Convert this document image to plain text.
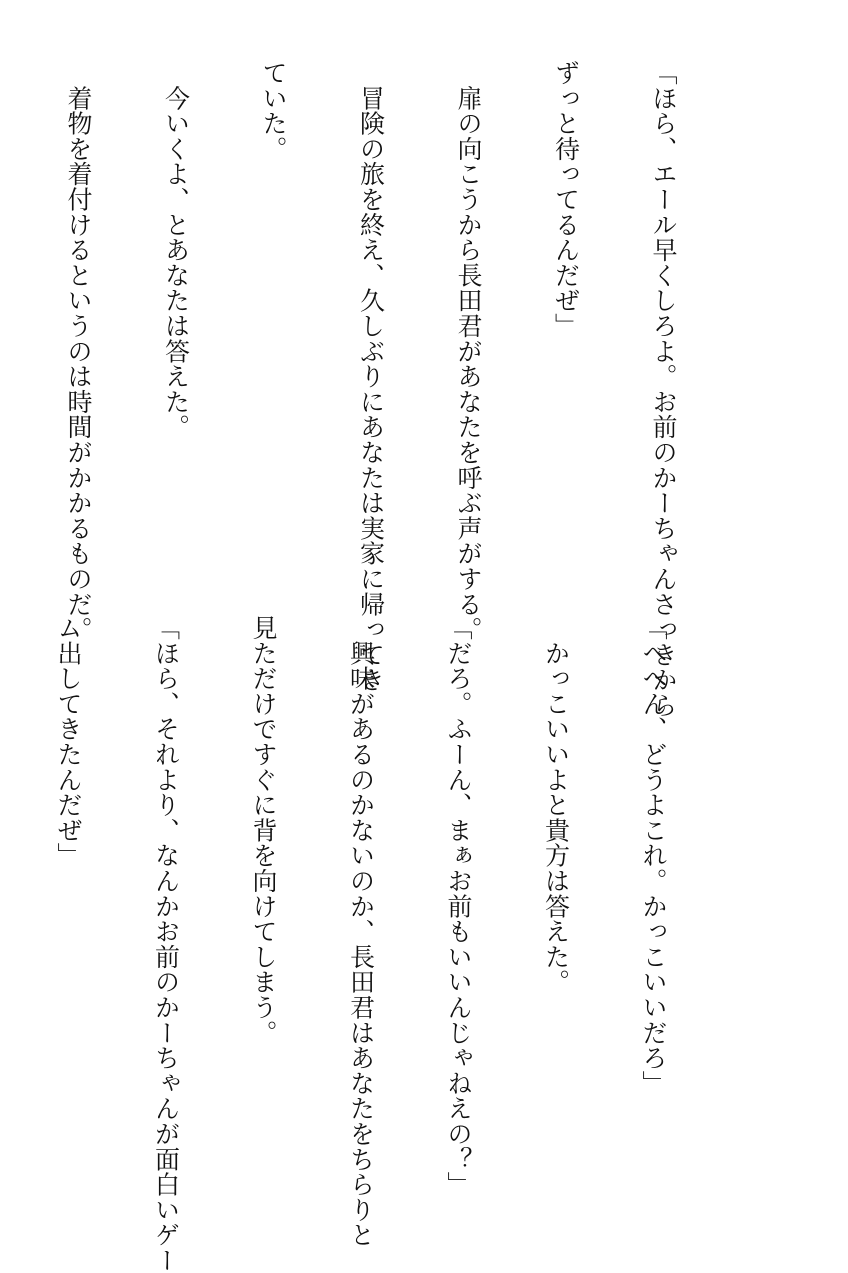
「ほら、エール早くしろよ。お前のかーちゃんさっきから

ずっと待ってるんだぜ」

　扉の向こうから長田君があなたを呼ぶ声がする。

　冒険の旅を終え、久しぶりにあなたは実家に帰ってき

ていた。

　今いくよ、とあなたは答えた。

　着物を着付けるというのは時間がかかるものだ。

「へへん、どうよこれ。かっこいいだろ」

　かっこいいよと貴方は答えた。

「だろ。ふーん、まぁお前もいいんじゃねえの？」

　興味があるのかないのか、長田君はあなたをちらりと

見ただけですぐに背を向けてしまう。

「ほら、それより、なんかお前のかーちゃんが面白いゲー

ム出してきたんだぜ」
